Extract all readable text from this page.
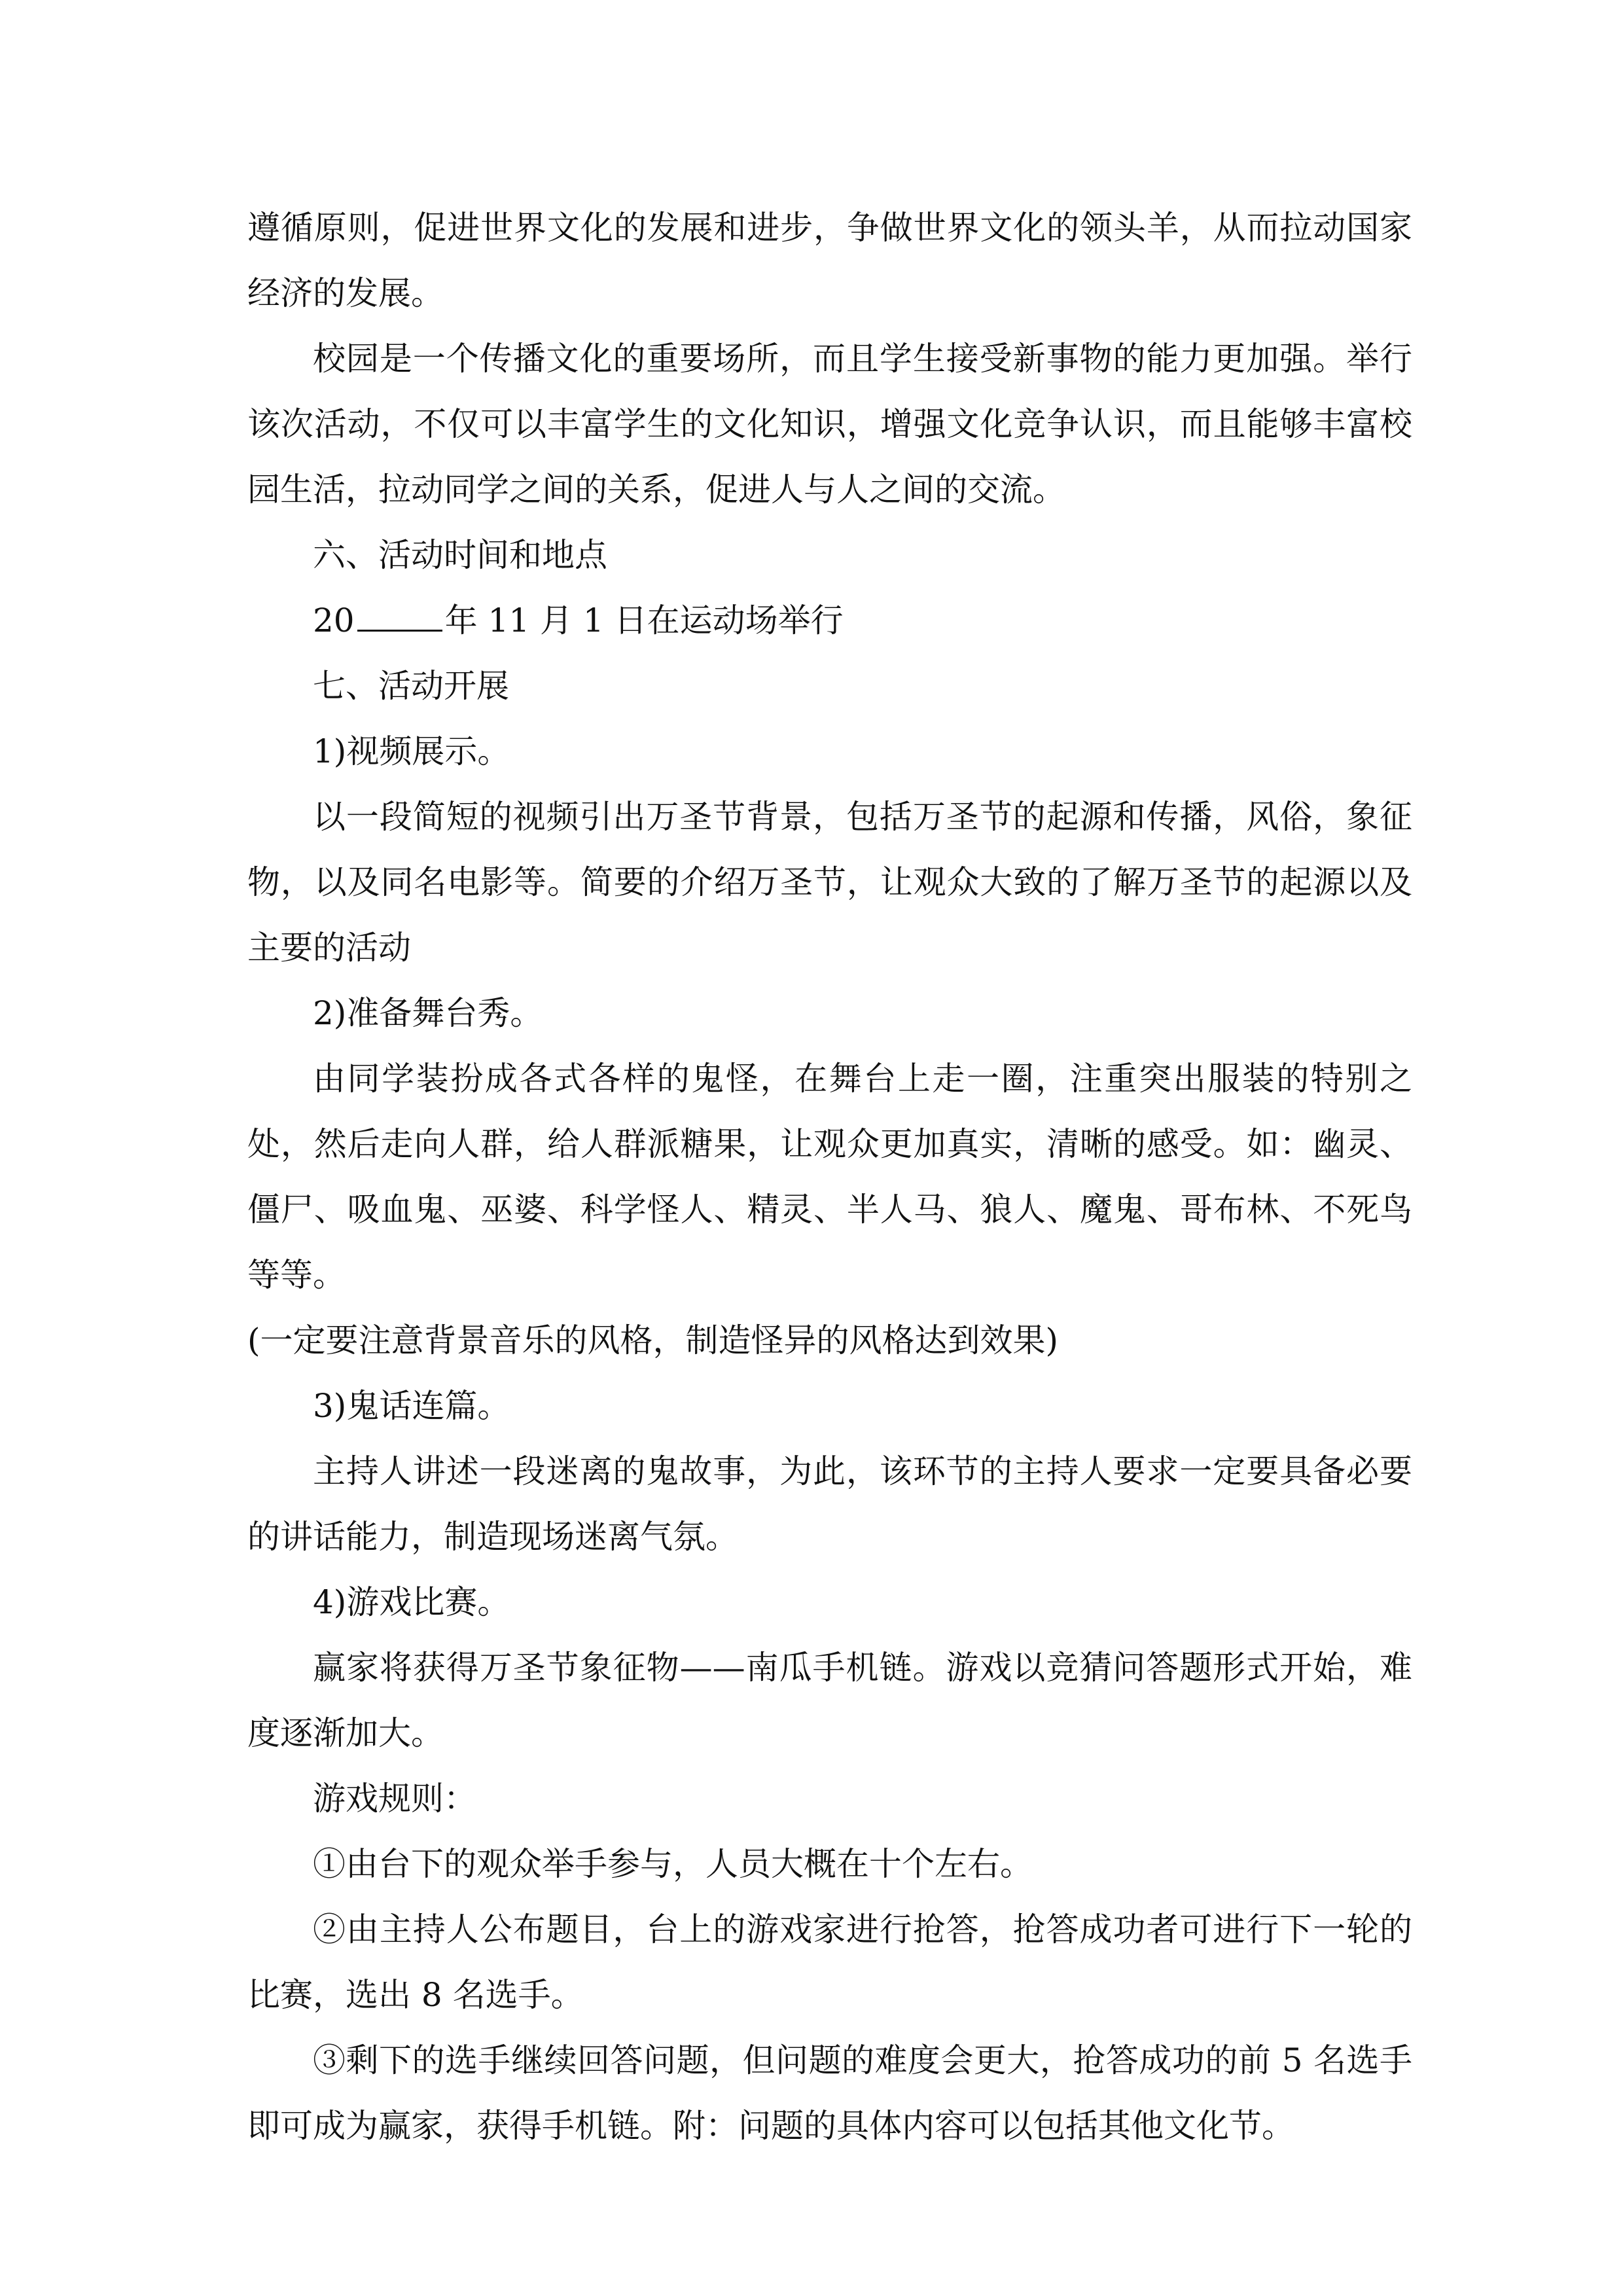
遵循原则，促进世界文化的发展和进步，争做世界文化的领头羊，从而拉动国家经济的发展。

校园是一个传播文化的重要场所，而且学生接受新事物的能力更加强。举行该次活动，不仅可以丰富学生的文化知识，增强文化竞争认识，而且能够丰富校园生活，拉动同学之间的关系，促进人与人之间的交流。

六、活动时间和地点

20	年 11 月 1 日在运动场举行

七、活动开展

1)视频展示。

以一段简短的视频引出万圣节背景，包括万圣节的起源和传播，风俗，象征物，以及同名电影等。简要的介绍万圣节，让观众大致的了解万圣节的起源以及主要的活动

2)准备舞台秀。

由同学装扮成各式各样的鬼怪，在舞台上走一圈，注重突出服装的特别之处，然后走向人群，给人群派糖果，让观众更加真实，清晰的感受。如：幽灵、僵尸、吸血鬼、巫婆、科学怪人、精灵、半人马、狼人、魔鬼、哥布林、不死鸟等等。

(一定要注意背景音乐的风格，制造怪异的风格达到效果)

3)鬼话连篇。

主持人讲述一段迷离的鬼故事，为此，该环节的主持人要求一定要具备必要的讲话能力，制造现场迷离气氛。

4)游戏比赛。

赢家将获得万圣节象征物——南瓜手机链。游戏以竞猜问答题形式开始，难度逐渐加大。

游戏规则：

①由台下的观众举手参与，人员大概在十个左右。

②由主持人公布题目，台上的游戏家进行抢答，抢答成功者可进行下一轮的比赛，选出 8 名选手。

③剩下的选手继续回答问题，但问题的难度会更大，抢答成功的前 5 名选手即可成为赢家，获得手机链。附：问题的具体内容可以包括其他文化节。
